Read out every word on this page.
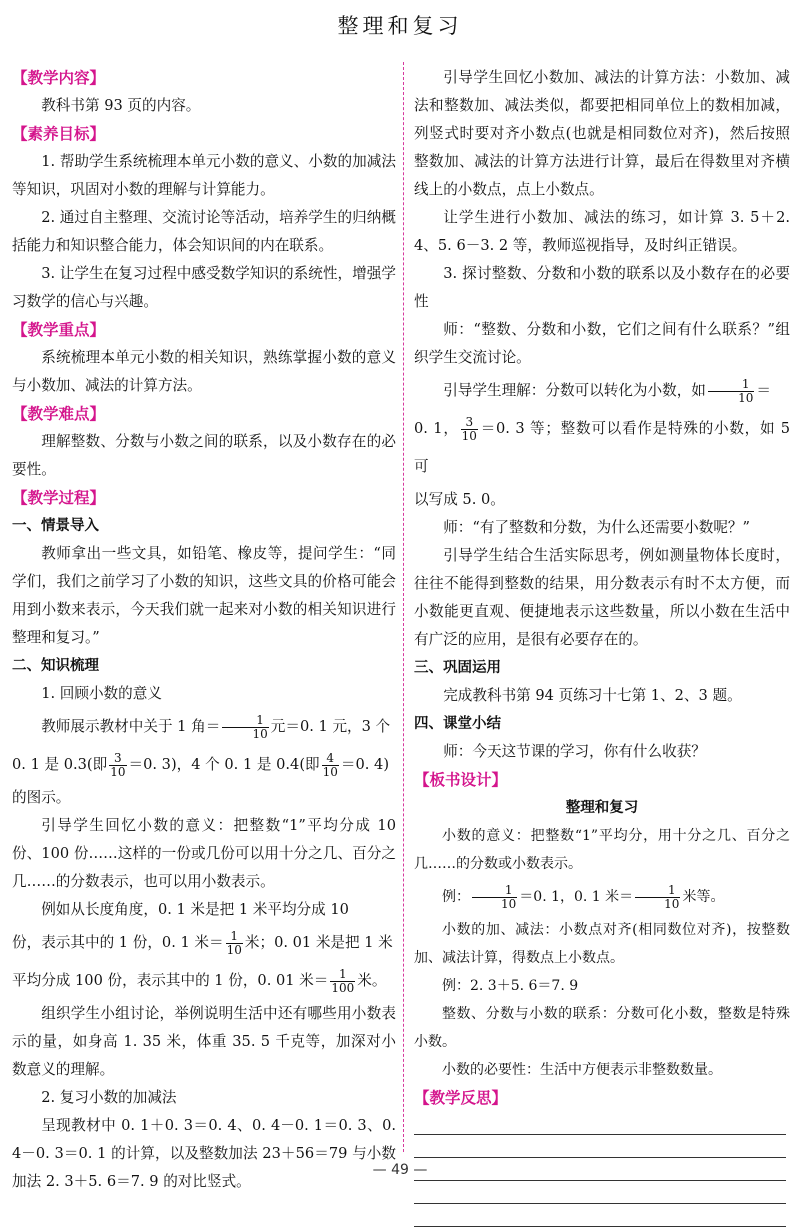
整理和复习
【教学内容】

教科书第 93 页的内容。

【素养目标】

1. 帮助学生系统梳理本单元小数的意义、小数的加减法等知识，巩固对小数的理解与计算能力。

2. 通过自主整理、交流讨论等活动，培养学生的归纳概括能力和知识整合能力，体会知识间的内在联系。

3. 让学生在复习过程中感受数学知识的系统性，增强学习数学的信心与兴趣。

【教学重点】

系统梳理本单元小数的相关知识，熟练掌握小数的意义与小数加、减法的计算方法。

【教学难点】

理解整数、分数与小数之间的联系，以及小数存在的必要性。

【教学过程】
一、情景导入

教师拿出一些文具，如铅笔、橡皮等，提问学生：“同学们，我们之前学习了小数的知识，这些文具的价格可能会用到小数来表示，今天我们就一起来对小数的相关知识进行整理和复习。”

二、知识梳理

1. 回顾小数的意义

教师展示教材中关于 1 角＝ $\frac{1}{10}$ 元＝0. 1 元，3 个

0. 1 是 0.3(即 $\frac{3}{10} =0$. 3)，4 个 0. 1 是 0.4(即 $\frac{4}{10} =0$. 4)

的图示。

引导学生回忆小数的意义：把整数“1”平均分成 10 份、100 份……这样的一份或几份可以用十分之几、百分之几……的分数表示，也可以用小数表示。

例如从长度角度，0. 1 米是把 1 米平均分成 10

份，表示其中的 1 份，0. 1 米＝ $\frac{1}{10}$ 米；0. 01 米是把 1 米

平均分成 100 份，表示其中的 1 份，0. 01 米＝ $\frac{1}{100}$ 米。

组织学生小组讨论，举例说明生活中还有哪些用小数表示的量，如身高 1. 35 米，体重 35. 5 千克等，加深对小数意义的理解。

2. 复习小数的加减法

呈现教材中 0. 1＋0. 3＝0. 4、0. 4－0. 1＝0. 3、0. 4－0. 3＝0. 1 的计算，以及整数加法 23＋56＝79 与小数加法 2. 3＋5. 6＝7. 9 的对比竖式。

引导学生回忆小数加、减法的计算方法：小数加、减法和整数加、减法类似，都要把相同单位上的数相加减，列竖式时要对齐小数点(也就是相同数位对齐)，然后按照整数加、减法的计算方法进行计算，最后在得数里对齐横线上的小数点，点上小数点。

让学生进行小数加、减法的练习，如计算 3. 5＋2. 4、5. 6－3. 2 等，教师巡视指导，及时纠正错误。

3. 探讨整数、分数和小数的联系以及小数存在的必要性

师：“整数、分数和小数，它们之间有什么联系？”组织学生交流讨论。

引导学生理解：分数可以转化为小数，如 $\frac{1}{10}$ ＝

0. 1， $\frac{3}{10} =0$. 3 等；整数可以看作是特殊的小数，如 5 可

以写成 5. 0。

师：“有了整数和分数，为什么还需要小数呢？”

引导学生结合生活实际思考，例如测量物体长度时，往往不能得到整数的结果，用分数表示有时不太方便，而小数能更直观、便捷地表示这些数量，所以小数在生活中有广泛的应用，是很有必要存在的。

三、巩固运用

完成教科书第 94 页练习十七第 1、2、3 题。

四、课堂小结

师：今天这节课的学习，你有什么收获？

【板书设计】
整理和复习

小数的意义：把整数“1”平均分，用十分之几、百分之几……的分数或小数表示。

例： $\frac{1}{10} =0$. 1，0. 1 米＝ $\frac{1}{10}$ 米等。

小数的加、减法：小数点对齐(相同数位对齐)，按整数加、减法计算，得数点上小数点。

例：2. 3＋5. 6＝7. 9

整数、分数与小数的联系：分数可化小数，整数是特殊小数。

小数的必要性：生活中方便表示非整数数量。

【教学反思】
— 49 —
